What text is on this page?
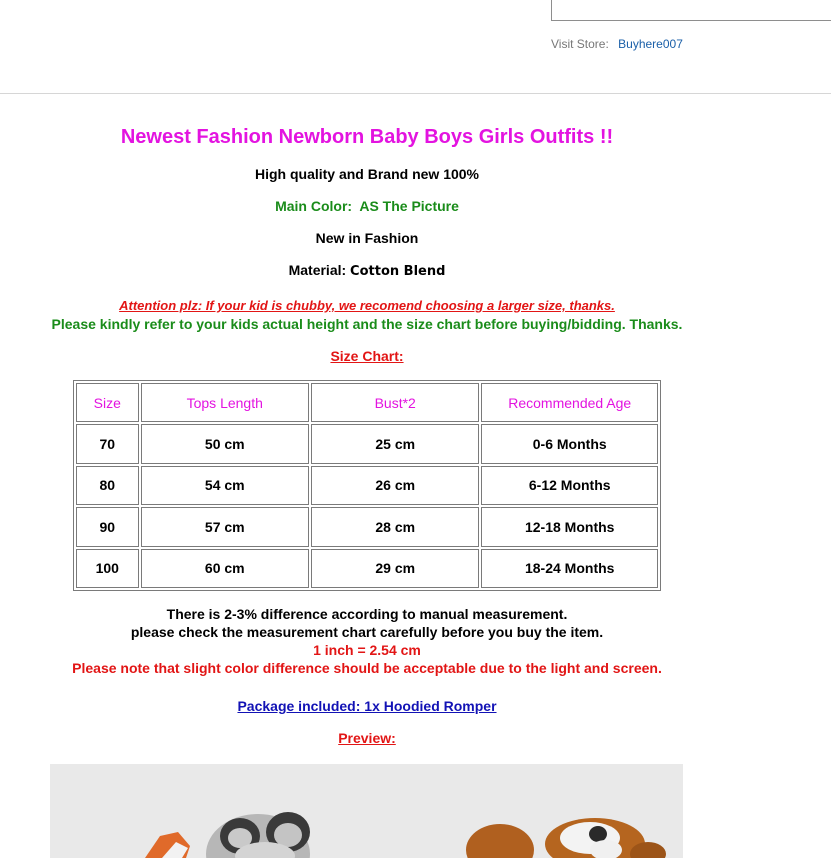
Visit Store: Buyhere007
Newest Fashion Newborn Baby Boys Girls Outfits !!
High quality and Brand new 100%
Main Color:  AS The Picture
New in Fashion
Material: Cotton Blend
Attention plz: If your kid is chubby, we recomend choosing a larger size, thanks.
Please kindly refer to your kids actual height and the size chart before buying/bidding. Thanks.
Size Chart:
Size	Tops Length	Bust*2	Recommended Age
70	50 cm	25 cm	0-6 Months
80	54 cm	26 cm	6-12 Months
90	57 cm	28 cm	12-18 Months
100	60 cm	29 cm	18-24 Months
There is 2-3% difference according to manual measurement.
please check the measurement chart carefully before you buy the item.
1 inch = 2.54 cm
Please note that slight color difference should be acceptable due to the light and screen.
Package included: 1x Hoodied Romper
Preview:
